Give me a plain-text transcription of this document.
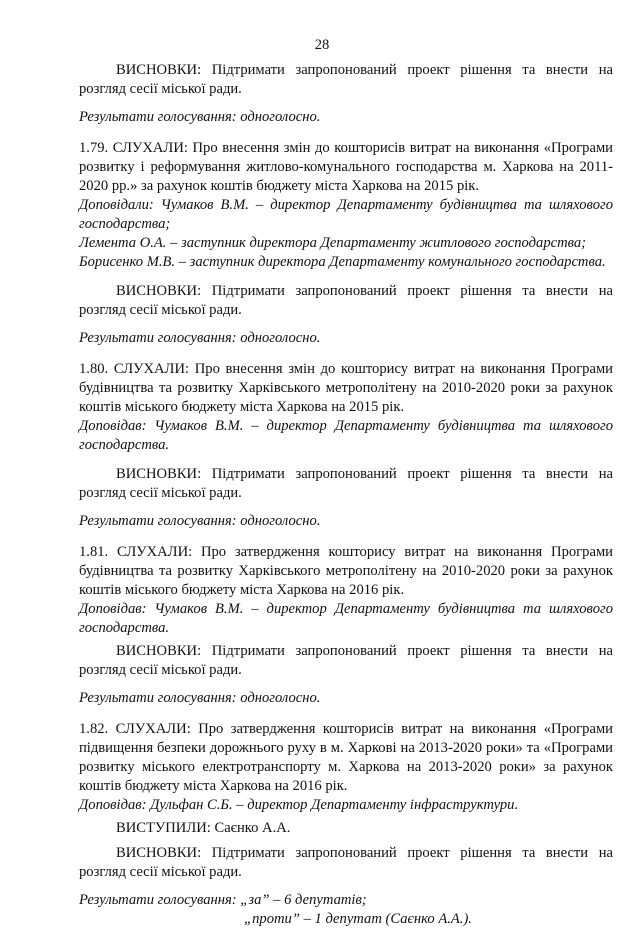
28
ВИСНОВКИ: Підтримати запропонований проект рішення та внести на розгляд сесії міської ради.
Результати голосування: одноголосно.
1.79. СЛУХАЛИ: Про внесення змін до кошторисів витрат на виконання «Програми розвитку і реформування житлово-комунального господарства м. Харкова на 2011-2020 рр.» за рахунок коштів бюджету міста Харкова на 2015 рік.
Доповідали: Чумаков В.М. – директор Департаменту будівництва та шляхового господарства;
Лемента О.А. – заступник директора Департаменту житлового господарства;
Борисенко М.В. – заступник директора Департаменту комунального господарства.
ВИСНОВКИ: Підтримати запропонований проект рішення та внести на розгляд сесії міської ради.
Результати голосування: одноголосно.
1.80. СЛУХАЛИ: Про внесення змін до кошторису витрат на виконання Програми будівництва та розвитку Харківського метрополітену на 2010-2020 роки за рахунок коштів міського бюджету міста Харкова на 2015 рік.
Доповідав: Чумаков В.М. – директор Департаменту будівництва та шляхового господарства.
ВИСНОВКИ: Підтримати запропонований проект рішення та внести на розгляд сесії міської ради.
Результати голосування: одноголосно.
1.81. СЛУХАЛИ: Про затвердження кошторису витрат на виконання Програми будівництва та розвитку Харківського метрополітену на 2010-2020 роки за рахунок коштів міського бюджету міста Харкова на 2016 рік.
Доповідав: Чумаков В.М. – директор Департаменту будівництва та шляхового господарства.
ВИСНОВКИ: Підтримати запропонований проект рішення та внести на розгляд сесії міської ради.
Результати голосування: одноголосно.
1.82. СЛУХАЛИ: Про затвердження кошторисів витрат на виконання «Програми підвищення безпеки дорожнього руху в м. Харкові на 2013-2020 роки» та «Програми розвитку міського електротранспорту м. Харкова на 2013-2020 роки» за рахунок коштів бюджету міста Харкова на 2016 рік.
Доповідав: Дульфан С.Б. – директор Департаменту інфраструктури.
ВИСТУПИЛИ: Саєнко А.А.
ВИСНОВКИ: Підтримати запропонований проект рішення та внести на розгляд сесії міської ради.
Результати голосування: „за” – 6 депутатів;
„проти” – 1 депутат (Саєнко А.А.).
